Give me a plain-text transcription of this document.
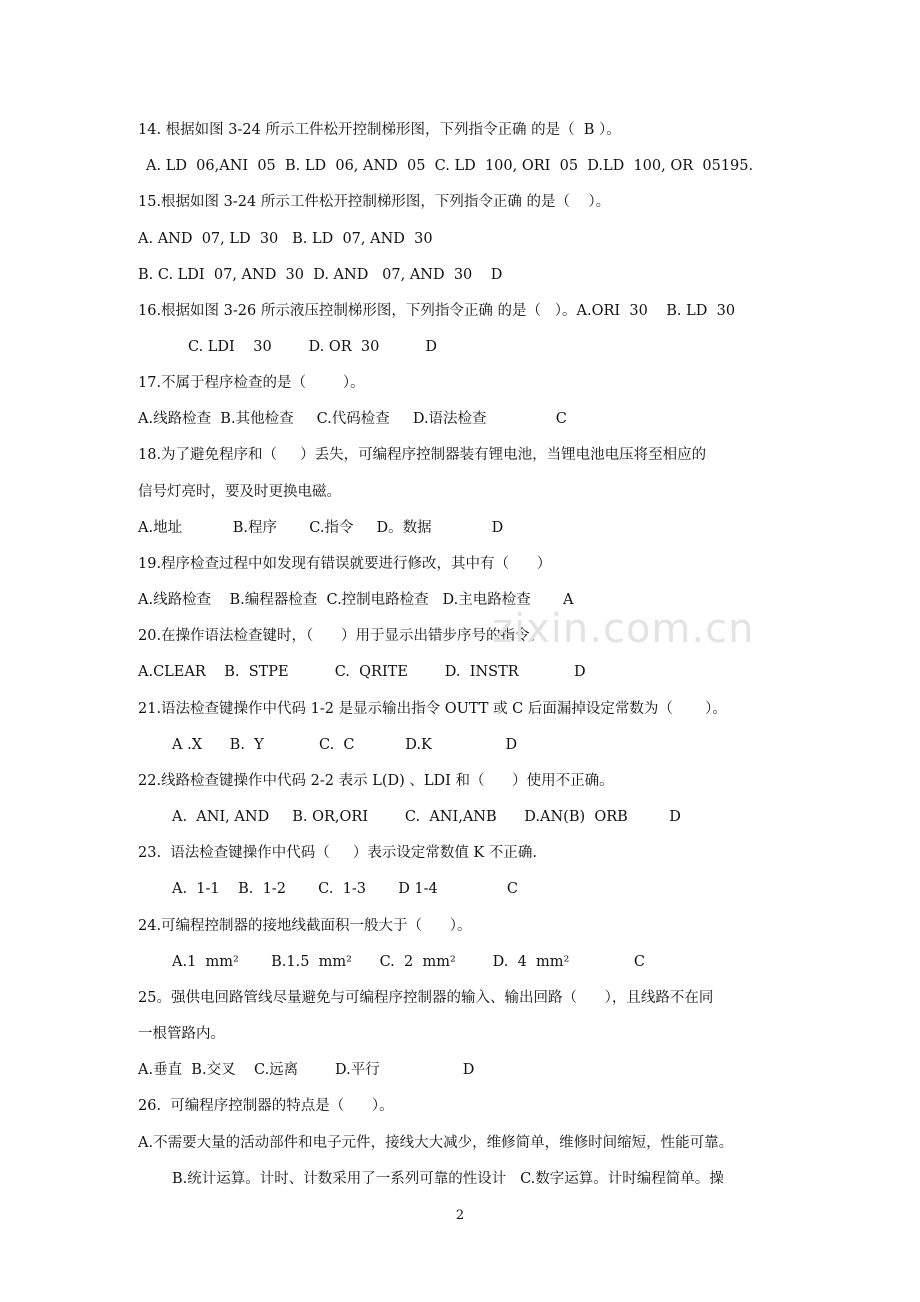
14. 根据如图 3-24 所示工件松开控制梯形图，下列指令正确 的是（  B ）。
A. LD  06,ANI  05  B. LD  06, AND  05  C. LD  100, ORI  05  D.LD  100, OR  05195.
15.根据如图 3-24 所示工件松开控制梯形图，下列指令正确 的是（    ）。
A. AND  07, LD  30   B. LD  07, AND  30
B. C. LDI  07, AND  30  D. AND   07, AND  30    D
16.根据如图 3-26 所示液压控制梯形图，下列指令正确 的是（   ）。A.ORI  30    B. LD  30
C. LDI    30        D. OR  30          D
17.不属于程序检查的是（        ）。
A.线路检查  B.其他检查     C.代码检查     D.语法检查               C
18.为了避免程序和（     ）丢失，可编程序控制器装有锂电池，当锂电池电压将至相应的
信号灯亮时，要及时更换电磁。
A.地址           B.程序       C.指令     D。数据             D
19.程序检查过程中如发现有错误就要进行修改，其中有（      ）
A.线路检查    B.编程器检查  C.控制电路检查   D.主电路检查       A
20.在操作语法检查键时，（      ）用于显示出错步序号的指令。
A.CLEAR    B.  STPE          C.  QRITE        D.  INSTR            D
21.语法检查键操作中代码 1-2 是显示输出指令 OUTT 或 C 后面漏掉设定常数为（       ）。
A .X      B.  Y            C.  C           D.K                D
22.线路检查键操作中代码 2-2 表示 L(D) 、LDI 和（      ）使用不正确。
A.  ANI, AND     B. OR,ORI        C.  ANI,ANB      D.AN(B)  ORB         D
23.  语法检查键操作中代码（     ）表示设定常数值 K 不正确.
A.  1-1    B.  1-2       C.  1-3       D 1-4               C
24.可编程控制器的接地线截面积一般大于（      ）。
A.1  mm²       B.1.5  mm²      C.  2  mm²        D.  4  mm²              C
25。强供电回路管线尽量避免与可编程序控制器的输入、输出回路（      ），且线路不在同
一根管路内。
A.垂直  B.交叉    C.远离        D.平行                  D
26.  可编程序控制器的特点是（      ）。
A.不需要大量的活动部件和电子元件，接线大大减少，维修简单，维修时间缩短，性能可靠。
B.统计运算。计时、计数采用了一系列可靠的性设计   C.数字运算。计时编程简单。操
zixin.com.cn
2
